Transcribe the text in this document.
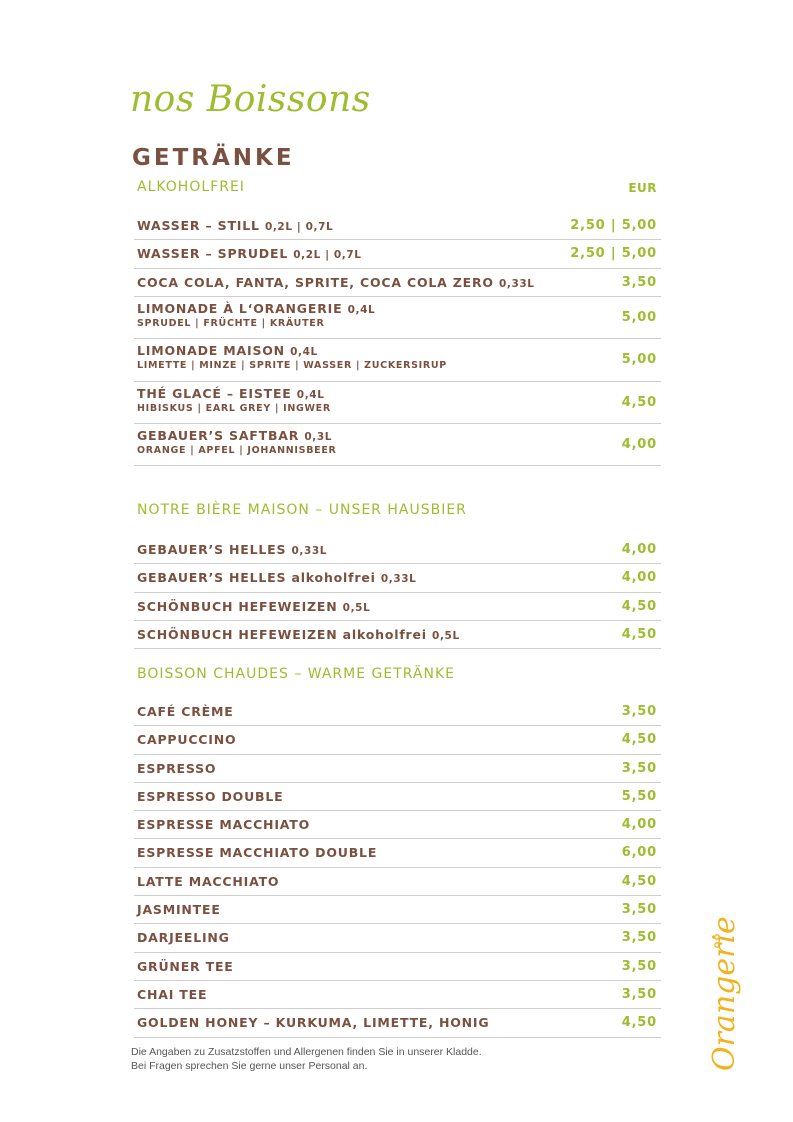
nos Boissons
GETRÄNKE
ALKOHOLFREI	EUR
WASSER – STILL 0,2L | 0,7L	2,50 | 5,00
WASSER – SPRUDEL 0,2L | 0,7L	2,50 | 5,00
COCA COLA, FANTA, SPRITE, COCA COLA ZERO 0,33L	3,50
LIMONADE À L‘ORANGERIE 0,4L
SPRUDEL | FRÜCHTE | KRÄUTER	5,00
LIMONADE MAISON 0,4L
LIMETTE | MINZE | SPRITE | WASSER | ZUCKERSIRUP	5,00
THÉ GLACÉ – EISTEE 0,4L
HIBISKUS | EARL GREY | INGWER	4,50
GEBAUER’S SAFTBAR 0,3L
ORANGE | APFEL | JOHANNISBEER	4,00
NOTRE BIÈRE MAISON – UNSER HAUSBIER
GEBAUER’S HELLES 0,33L	4,00
GEBAUER’S HELLES alkoholfrei 0,33L	4,00
SCHÖNBUCH HEFEWEIZEN 0,5L	4,50
SCHÖNBUCH HEFEWEIZEN alkoholfrei 0,5L	4,50
BOISSON CHAUDES – WARME GETRÄNKE
CAFÉ CRÈME	3,50
CAPPUCCINO	4,50
ESPRESSO	3,50
ESPRESSO DOUBLE	5,50
ESPRESSE MACCHIATO	4,00
ESPRESSE MACCHIATO DOUBLE	6,00
LATTE MACCHIATO	4,50
JASMINTEE	3,50
DARJEELING	3,50
GRÜNER TEE	3,50
CHAI TEE	3,50
GOLDEN HONEY – KURKUMA, LIMETTE, HONIG	4,50
Die Angaben zu Zusatzstoffen und Allergenen finden Sie in unserer Kladde.
Bei Fragen sprechen Sie gerne unser Personal an.	Orangerie
